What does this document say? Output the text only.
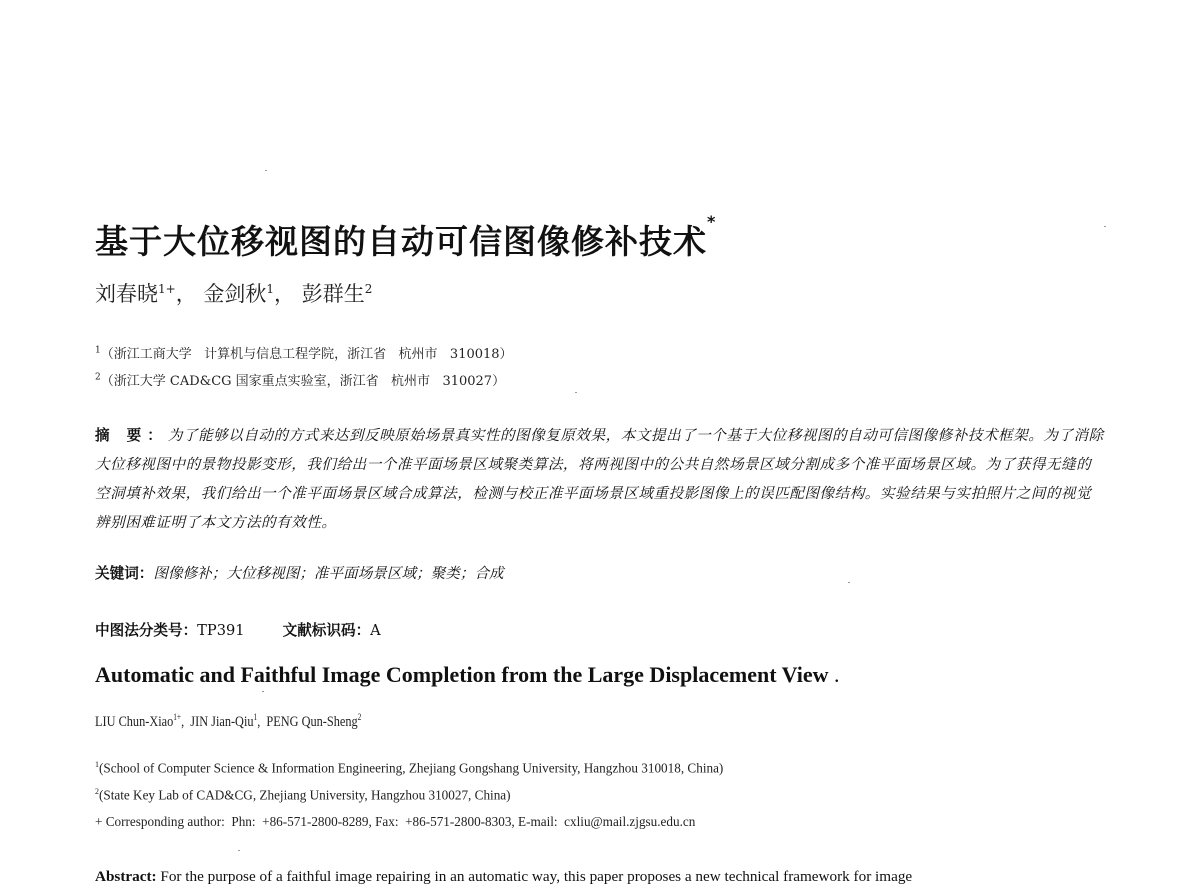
基于大位移视图的自动可信图像修补技术*
刘春晓$^{1+}$， 金剑秋$^1$， 彭群生$^2$
$^1$（浙江工商大学   计算机与信息工程学院，浙江省   杭州市   310018）
$^2$（浙江大学 CAD&CG 国家重点实验室，浙江省   杭州市   310027）
摘 要：为了能够以自动的方式来达到反映原始场景真实性的图像复原效果，本文提出了一个基于大位移视图的自动可信图像修补技术框架。为了消除大位移视图中的景物投影变形，我们给出一个准平面场景区域聚类算法，将两视图中的公共自然场景区域分割成多个准平面场景区域。为了获得无缝的空洞填补效果，我们给出一个准平面场景区域合成算法，检测与校正准平面场景区域重投影图像上的误匹配图像结构。实验结果与实拍照片之间的视觉辨别困难证明了本文方法的有效性。
关键词：图像修补；大位移视图；准平面场景区域；聚类；合成
中图法分类号：TP391	文献标识码：A
Automatic and Faithful Image Completion from the Large Displacement View .
LIU Chun-Xiao$^{1+}$, JIN Jian-Qiu$^1$, PENG Qun-Sheng$^2$
$^1$(School of Computer Science & Information Engineering, Zhejiang Gongshang University, Hangzhou 310018, China)
$^2$(State Key Lab of CAD&CG, Zhejiang University, Hangzhou 310027, China)
+ Corresponding author:  Phn:  +86-571-2800-8289, Fax:  +86-571-2800-8303, E-mail:  cxliu@mail.zjgsu.edu.cn
Abstract: For the purpose of a faithful image repairing in an automatic way, this paper proposes a new technical framework for image
